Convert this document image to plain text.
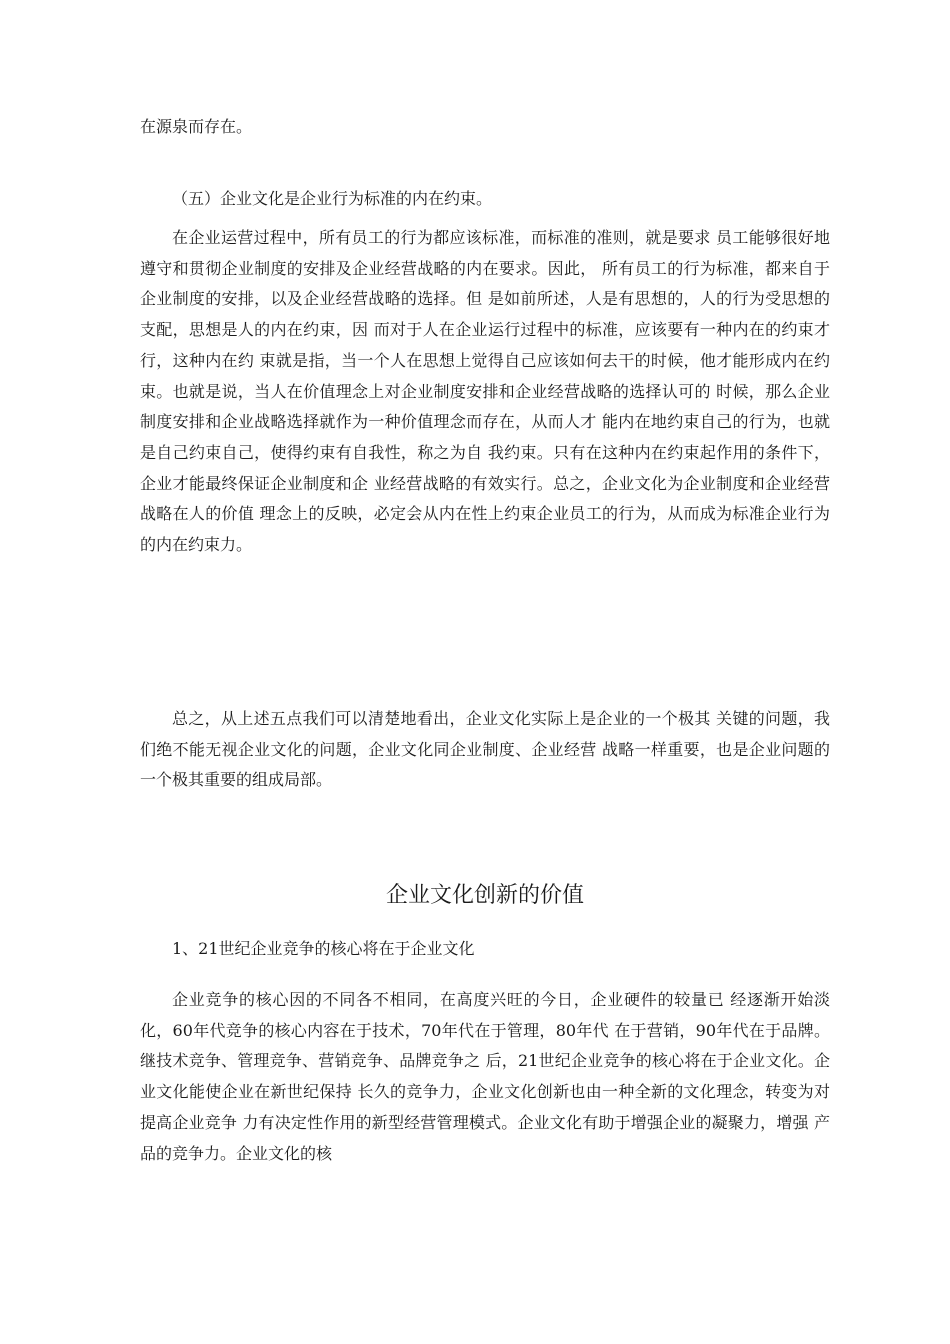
在源泉而存在。

（五）企业文化是企业行为标准的内在约束。

在企业运营过程中，所有员工的行为都应该标准，而标准的准则，就是要求 员工能够很好地遵守和贯彻企业制度的安排及企业经营战略的内在要求。因此， 所有员工的行为标准，都来自于企业制度的安排，以及企业经营战略的选择。但 是如前所述，人是有思想的，人的行为受思想的支配，思想是人的内在约束，因 而对于人在企业运行过程中的标准，应该要有一种内在的约束才行，这种内在约 束就是指，当一个人在思想上觉得自己应该如何去干的时候，他才能形成内在约 束。也就是说，当人在价值理念上对企业制度安排和企业经营战略的选择认可的 时候，那么企业制度安排和企业战略选择就作为一种价值理念而存在，从而人才 能内在地约束自己的行为，也就是自己约束自己，使得约束有自我性，称之为自 我约束。只有在这种内在约束起作用的条件下，企业才能最终保证企业制度和企 业经营战略的有效实行。总之，企业文化为企业制度和企业经营战略在人的价值 理念上的反映，必定会从内在性上约束企业员工的行为，从而成为标准企业行为 的内在约束力。

总之，从上述五点我们可以清楚地看出，企业文化实际上是企业的一个极其 关键的问题，我们绝不能无视企业文化的问题，企业文化同企业制度、企业经营 战略一样重要，也是企业问题的一个极其重要的组成局部。

企业文化创新的价值

1、21世纪企业竞争的核心将在于企业文化

企业竞争的核心因的不同各不相同，在高度兴旺的今日，企业硬件的较量已 经逐渐开始淡化，60年代竞争的核心内容在于技术，70年代在于管理，80年代 在于营销，90年代在于品牌。继技术竞争、管理竞争、营销竞争、品牌竞争之 后，21世纪企业竞争的核心将在于企业文化。企业文化能使企业在新世纪保持 长久的竞争力，企业文化创新也由一种全新的文化理念，转变为对提高企业竞争 力有决定性作用的新型经营管理模式。企业文化有助于增强企业的凝聚力，增强 产品的竞争力。企业文化的核
